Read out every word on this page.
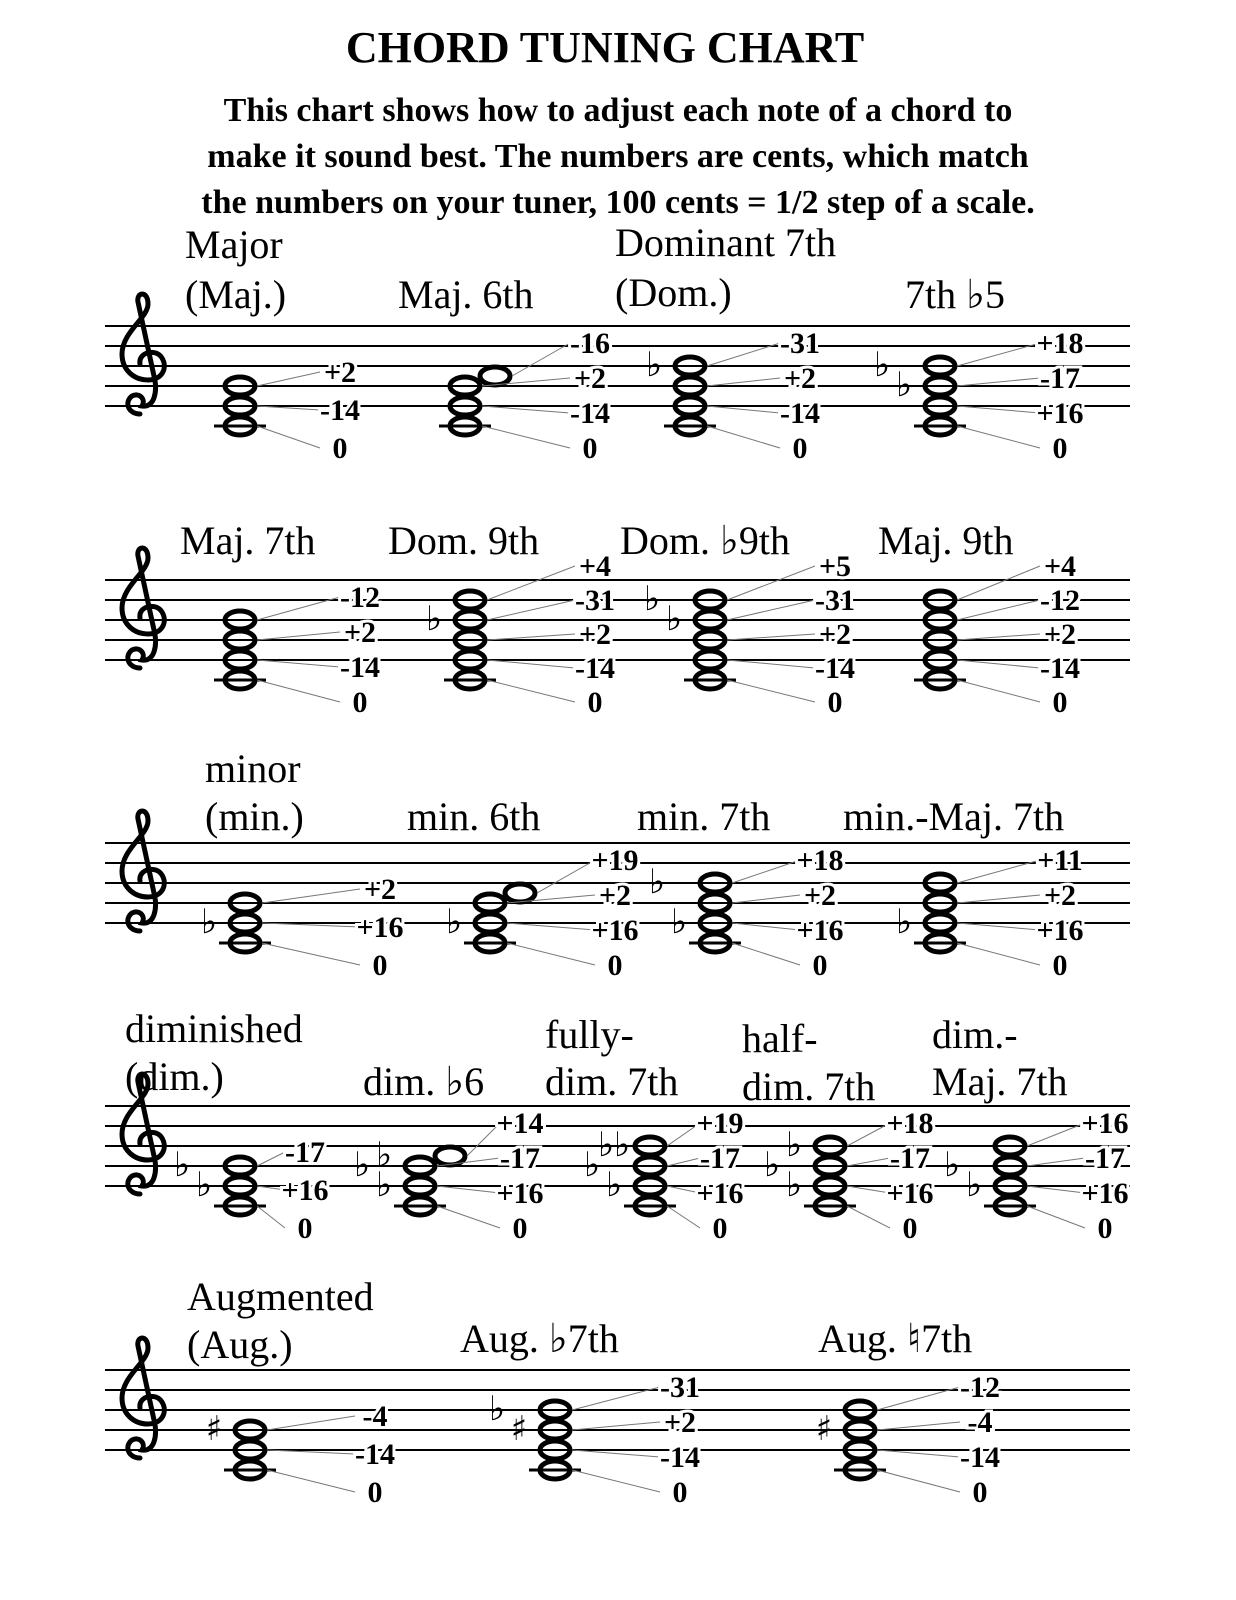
CHORD TUNING CHART
This chart shows how to adjust each note of a chord to
make it sound best. The numbers are cents, which match
the numbers on your tuner, 100 cents = 1/2 step of a scale.
Major
(Maj.)
+2
-14
0
Maj. 6th
-16
+2
-14
0
Dominant 7th
(Dom.)
♭
-31
+2
-14
0
7th ♭5
♭
♭
+18
-17
+16
0
Maj. 7th
-12
+2
-14
0
Dom. 9th
♭
+4
-31
+2
-14
0
Dom. ♭9th
♭
♭
+5
-31
+2
-14
0
Maj. 9th
+4
-12
+2
-14
0
minor
(min.)
♭
+2
+16
0
min. 6th
♭
+19
+2
+16
0
min. 7th
♭
♭
+18
+2
+16
0
min.-Maj. 7th
♭
+11
+2
+16
0
diminished
(dim.)
♭
♭	-17
+16
0
dim. ♭6
♭
♭ ♭
+14
-17
+16
0
fully-
dim. 7th
♭
♭
♭♭
+19
-17
+16
0
half-
dim. 7th
♭
♭ ♭
+18
-17
+16
0
dim.-
Maj. 7th
♭
♭
+16
-17
+16
0
Augmented
(Aug.)
♯	-4
-14
0
Aug. ♭7th
♯
♭
-31
+2
-14
0
Aug. ♮7th
♯
-12
-4
-14
0
